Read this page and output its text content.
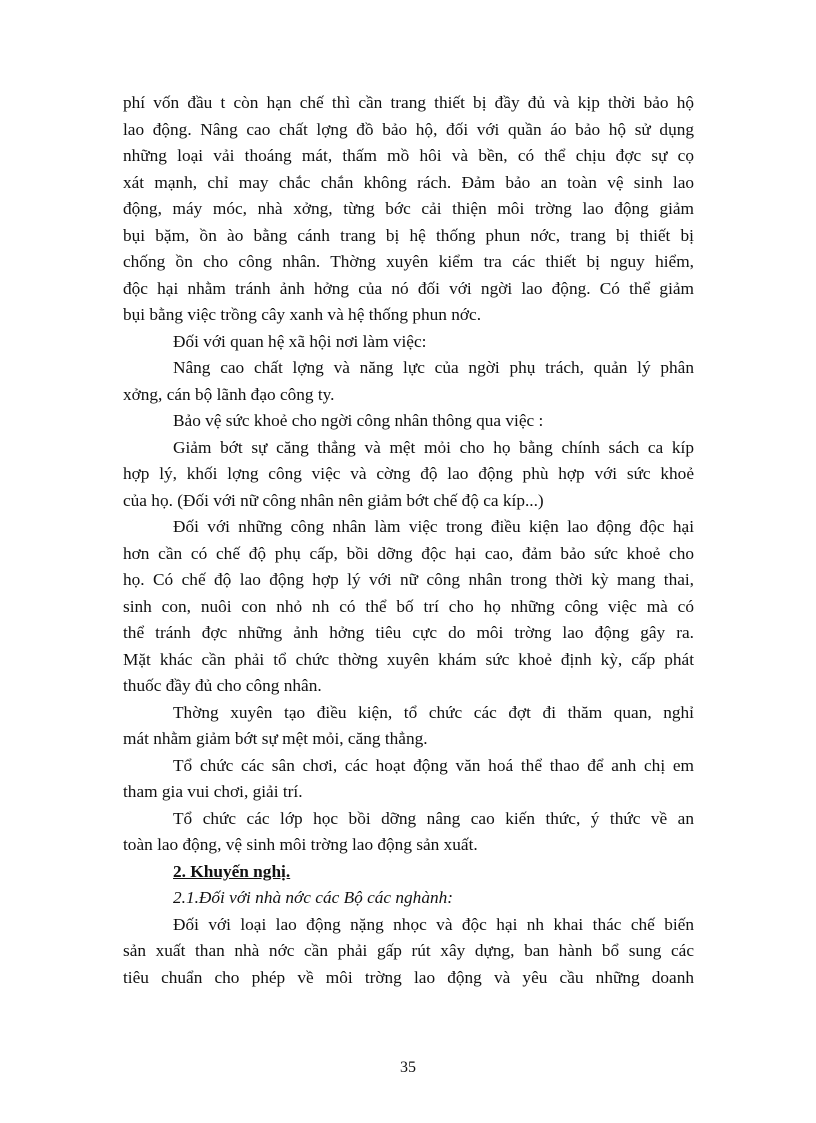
phí vốn đầu t còn hạn chế thì cần trang thiết bị đầy đủ và kịp thời bảo hộ
lao động. Nâng cao chất lợng đồ bảo hộ, đối với quần áo bảo hộ sử dụng
những loại vải thoáng mát, thấm mồ hôi và bền, có thể chịu đợc sự cọ
xát mạnh, chỉ may chắc chắn không rách. Đảm bảo an toàn vệ sinh lao
động, máy móc, nhà xởng, từng bớc cải thiện môi trờng lao động giảm
bụi bặm, ồn ào bằng cánh trang bị hệ thống phun nớc, trang bị thiết bị
chống ồn cho công nhân. Thờng xuyên kiểm tra các thiết bị nguy hiểm,
độc hại nhằm tránh ảnh hởng của nó đối với ngời lao động. Có thể giảm
bụi bằng việc trồng cây xanh và hệ thống phun nớc.
Đối với quan hệ xã hội nơi làm việc:
Nâng cao chất lợng và năng lực của ngời phụ trách, quản lý phân
xởng, cán bộ lãnh đạo công ty.
Bảo vệ sức khoẻ cho ngời công nhân thông qua việc :
Giảm bớt sự căng thẳng và mệt mỏi cho họ bằng chính sách ca kíp
hợp lý, khối lợng công việc và cờng độ lao động phù hợp với sức khoẻ
của họ. (Đối với nữ công nhân nên giảm bớt chế độ ca kíp...)
Đối với những công nhân làm việc trong điều kiện lao động độc hại
hơn cần có chế độ phụ cấp, bồi dỡng độc hại cao, đảm bảo sức khoẻ cho
họ. Có chế độ lao động hợp lý với nữ công nhân trong thời kỳ mang thai,
sinh con, nuôi con nhỏ nh có thể bố trí cho họ những công việc mà có
thể tránh đợc những ảnh hởng tiêu cực do môi trờng lao động gây ra.
Mặt khác cần phải tổ chức thờng xuyên khám sức khoẻ định kỳ, cấp phát
thuốc đầy đủ cho công nhân.
Thờng xuyên tạo điều kiện, tổ chức các đợt đi thăm quan, nghỉ
mát nhằm giảm bớt sự mệt mỏi, căng thẳng.
Tổ chức các sân chơi, các hoạt động văn hoá thể thao để anh chị em
tham gia vui chơi, giải trí.
Tổ chức các lớp học bồi dỡng nâng cao kiến thức, ý thức về an
toàn lao động, vệ sinh môi trờng lao động sản xuất.
2. Khuyến nghị.
2.1.Đối với nhà nớc các Bộ các nghành:
Đối với loại lao động nặng nhọc và độc hại nh khai thác chế biến
sản xuất than nhà nớc cần phải gấp rút xây dựng, ban hành bổ sung các
tiêu chuẩn cho phép về môi trờng lao động và yêu cầu những doanh
35
